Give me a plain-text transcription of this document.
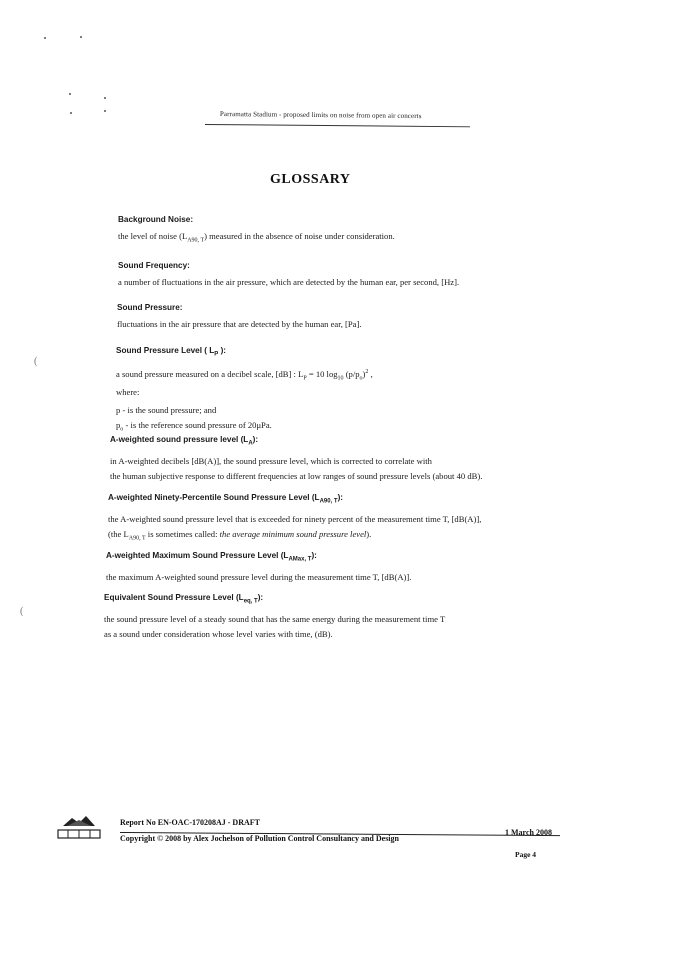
Parramatta Stadium - proposed limits on noise from open air concerts
GLOSSARY
Background Noise:
the level of noise $(L_{A90, T})$ measured in the absence of noise under consideration.
Sound Frequency:
a number of fluctuations in the air pressure, which are detected by the human ear, per second, [Hz].
Sound Pressure:
fluctuations in the air pressure that are detected by the human ear, [Pa].
(
Sound Pressure Level ( $L_P$ ):
a sound pressure measured on a decibel scale, [dB] : $L_P = 10$ $\log_{10} (p/p_o)^2$ ,
where:
p - is the sound pressure; and
$p_o$ - is the reference sound pressure of 20μPa.
A-weighted sound pressure level $(L_A)$:
in A-weighted decibels [dB(A)], the sound pressure level, which is corrected to correlate with
the human subjective response to different frequencies at low ranges of sound pressure levels (about 40 dB).
A-weighted Ninety-Percentile Sound Pressure Level $(L_{A90, T})$:
the A-weighted sound pressure level that is exceeded for ninety percent of the measurement time T, [dB(A)],
(the $L_{A90, T}$ is sometimes called: the average minimum sound pressure level).
A-weighted Maximum Sound Pressure Level $(L_{AMax, T})$:
the maximum A-weighted sound pressure level during the measurement time T, [dB(A)].
(
Equivalent Sound Pressure Level $(L_{eq, T})$:
the sound pressure level of a steady sound that has the same energy during the measurement time T
as a sound under consideration whose level varies with time, (dB).
Report No EN-OAC-170208AJ - DRAFT
Copyright © 2008 by Alex Jochelson of Pollution Control Consultancy and Design
1 March 2008
Page 4
